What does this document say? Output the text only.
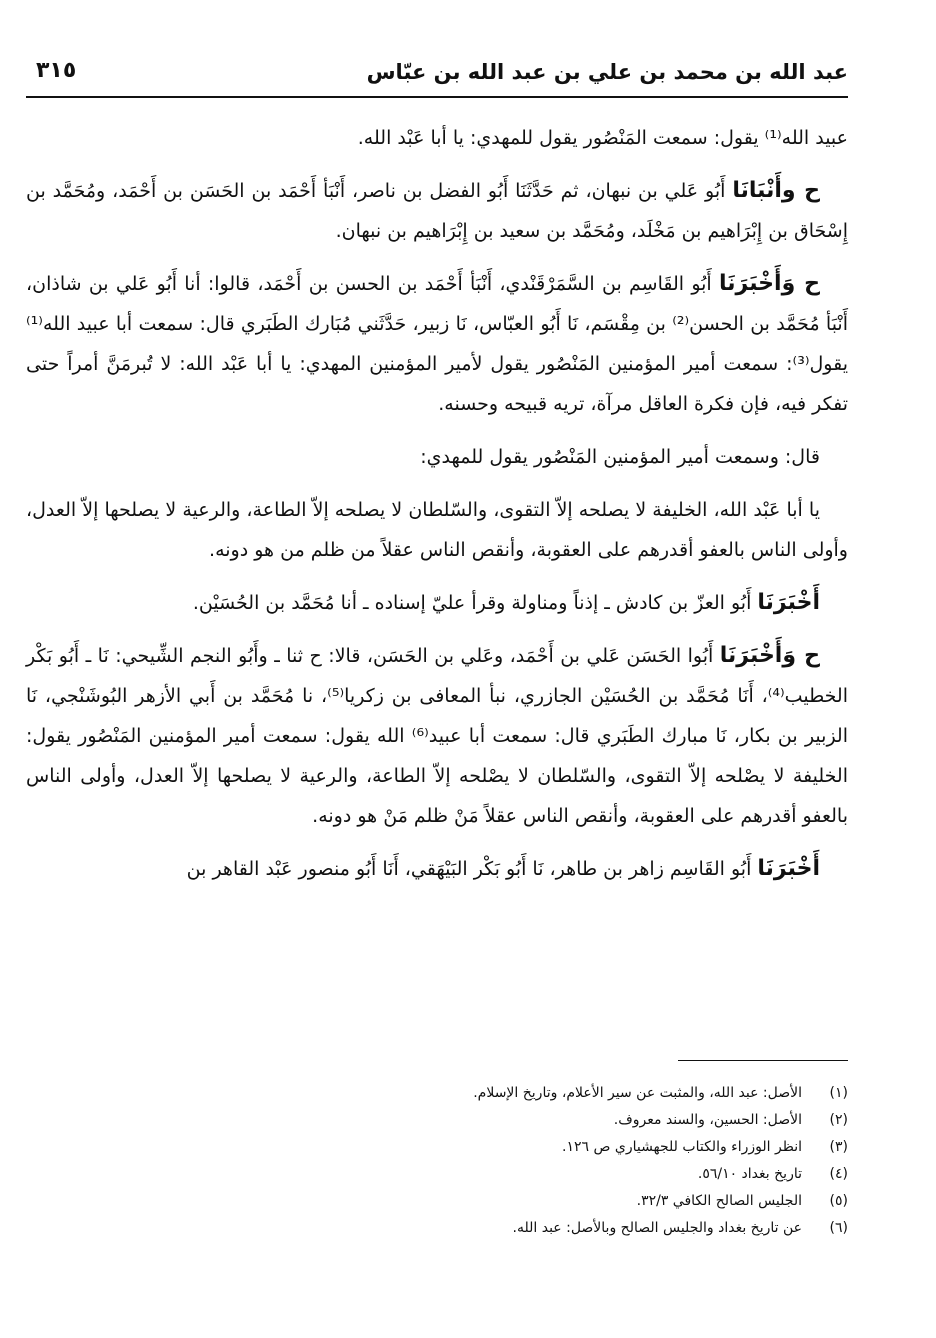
عبد الله بن محمد بن علي بن عبد الله بن عبّاس
٣١٥

عبيد الله⁽¹⁾ يقول: سمعت المَنْصُور يقول للمهدي: يا أبا عَبْد الله.

ح وأَنْبَانَا أَبُو عَلي بن نبهان، ثم حَدَّثَنَا أَبُو الفضل بن ناصر، أَنْبَأ أَحْمَد بن الحَسَن بن أَحْمَد، ومُحَمَّد بن إِسْحَاق بن إِبْرَاهيم بن مَخْلَد، ومُحَمَّد بن سعيد بن إِبْرَاهيم بن نبهان.

ح وَأَخْبَرَنَا أَبُو القَاسِم بن السَّمَرْقَنْدي، أَنْبَأ أَحْمَد بن الحسن بن أَحْمَد، قالوا: أنا أَبُو عَلي بن شاذان، أَنْبَأ مُحَمَّد بن الحسن⁽²⁾ بن مِقْسَم، نَا أَبُو العبّاس، نَا زبير، حَدَّثَني مُبَارك الطَبَري قال: سمعت أبا عبيد الله⁽¹⁾ يقول⁽³⁾: سمعت أمير المؤمنين المَنْصُور يقول لأمير المؤمنين المهدي: يا أبا عَبْد الله: لا تُبرمَنَّ أمراً حتى تفكر فيه، فإن فكرة العاقل مرآة، تريه قبيحه وحسنه.

قال: وسمعت أمير المؤمنين المَنْصُور يقول للمهدي:

يا أبا عَبْد الله، الخليفة لا يصلحه إلاّ التقوى، والسّلطان لا يصلحه إلاّ الطاعة، والرعية لا يصلحها إلاّ العدل، وأولى الناس بالعفو أقدرهم على العقوبة، وأنقص الناس عقلاً من ظلم من هو دونه.

أَخْبَرَنَا أَبُو العزّ بن كادش ـ إذناً ومناولة وقرأ عليّ إسناده ـ أنا مُحَمَّد بن الحُسَيْن.

ح وَأَخْبَرَنَا أَبُوا الحَسَن عَلي بن أَحْمَد، وعَلي بن الحَسَن، قالا: ح ثنا ـ وأَبُو النجم الشِّيحي: نَا ـ أَبُو بَكْر الخطيب⁽⁴⁾، أَنَا مُحَمَّد بن الحُسَيْن الجازري، نبأ المعافى بن زكريا⁽⁵⁾، نا مُحَمَّد بن أَبي الأزهر البُوشَنْجي، نَا الزبير بن بكار، نَا مبارك الطَبَري قال: سمعت أبا عبيد⁽⁶⁾ الله يقول: سمعت أمير المؤمنين المَنْصُور يقول: الخليفة لا يصْلحه إلاّ التقوى، والسّلطان لا يصْلحه إلاّ الطاعة، والرعية لا يصلحها إلاّ العدل، وأولى الناس بالعفو أقدرهم على العقوبة، وأنقص الناس عقلاً مَنْ ظلم مَنْ هو دونه.

أَخْبَرَنَا أَبُو القَاسِم زاهر بن طاهر، نَا أَبُو بَكْر البَيْهَقي، أَنَا أَبُو منصور عَبْد القاهر بن

(١)
الأصل: عبد الله، والمثبت عن سير الأعلام، وتاريخ الإسلام.
(٢)
الأصل: الحسين، والسند معروف.
(٣)
انظر الوزراء والكتاب للجهشياري ص ١٢٦.
(٤)
تاريخ بغداد ٥٦/١٠.
(٥)
الجليس الصالح الكافي ٣٢/٣.
(٦)
عن تاريخ بغداد والجليس الصالح وبالأصل: عبد الله.
